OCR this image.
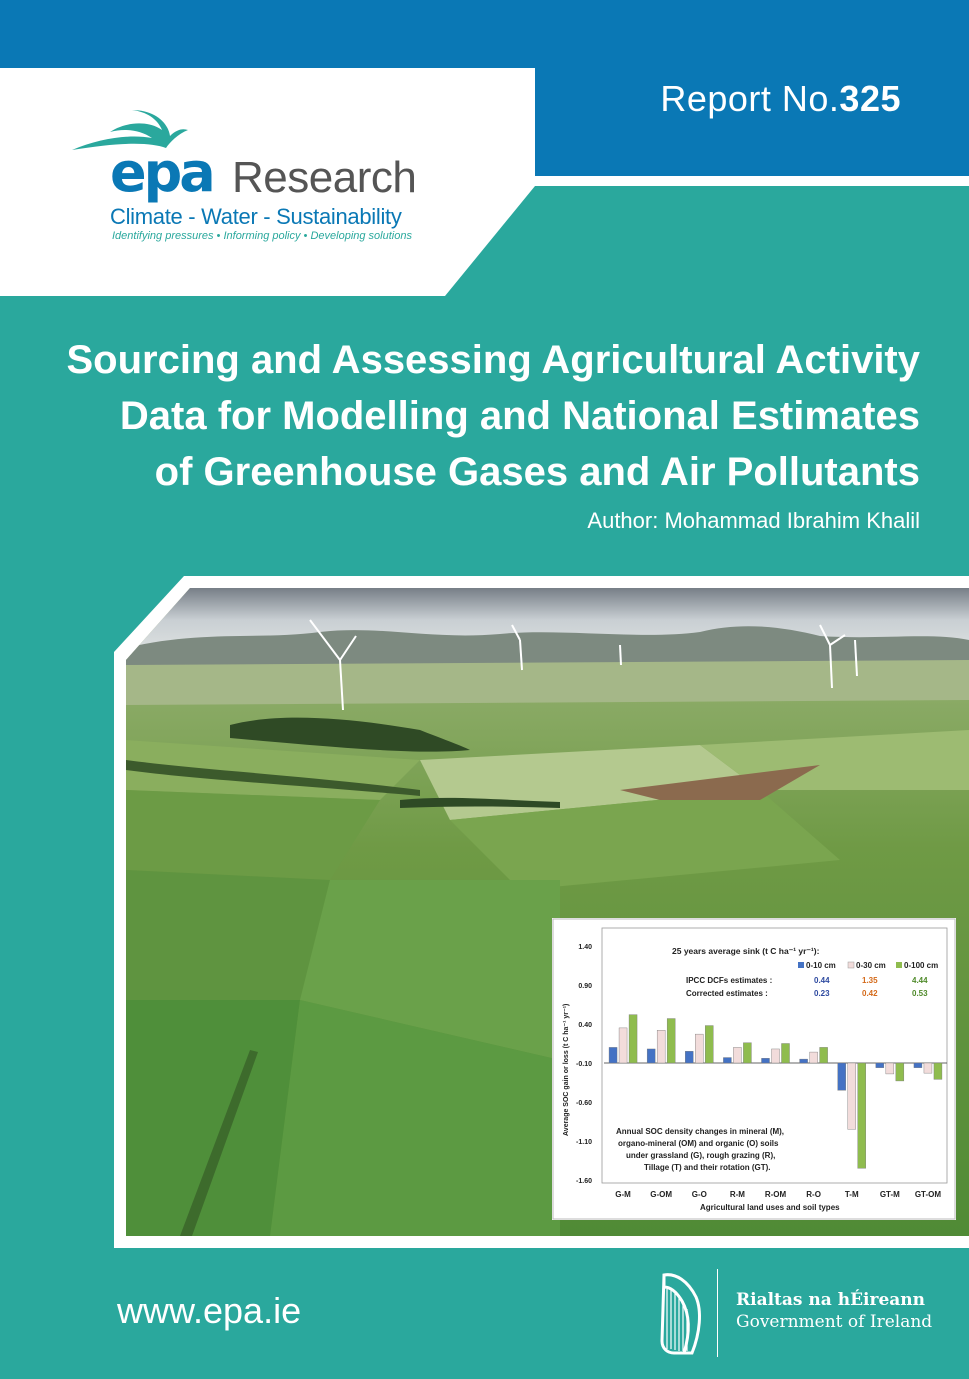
Report No.325
epa Research
Climate - Water - Sustainability
Identifying pressures • Informing policy • Developing solutions
Sourcing and Assessing Agricultural Activity
Data for Modelling and National Estimates
of Greenhouse Gases and Air Pollutants
Author: Mohammad Ibrahim Khalil
1.40
0.90
0.40
-0.10
-0.60
-1.10
-1.60
G-M G-OM G-O	R-M R-OM	R-O	T-M	GT-M GT-OM
25 years average sink (t C ha⁻¹ yr⁻¹):
0-10 cm	0-30 cm 0-100 cm
IPCC DCFs estimates :	0.44	1.35	4.44
Corrected estimates :	0.23	0.42	0.53
Annual SOC density changes in mineral (M),
organo-mineral (OM) and organic (O) soils
under grassland (G), rough grazing (R),
Tillage (T) and their rotation (GT).
Average SOC gain or loss (t C ha⁻¹ yr⁻¹)
Agricultural land uses and soil types
www.epa.ie	Rialtas na hÉireann
Government of Ireland
